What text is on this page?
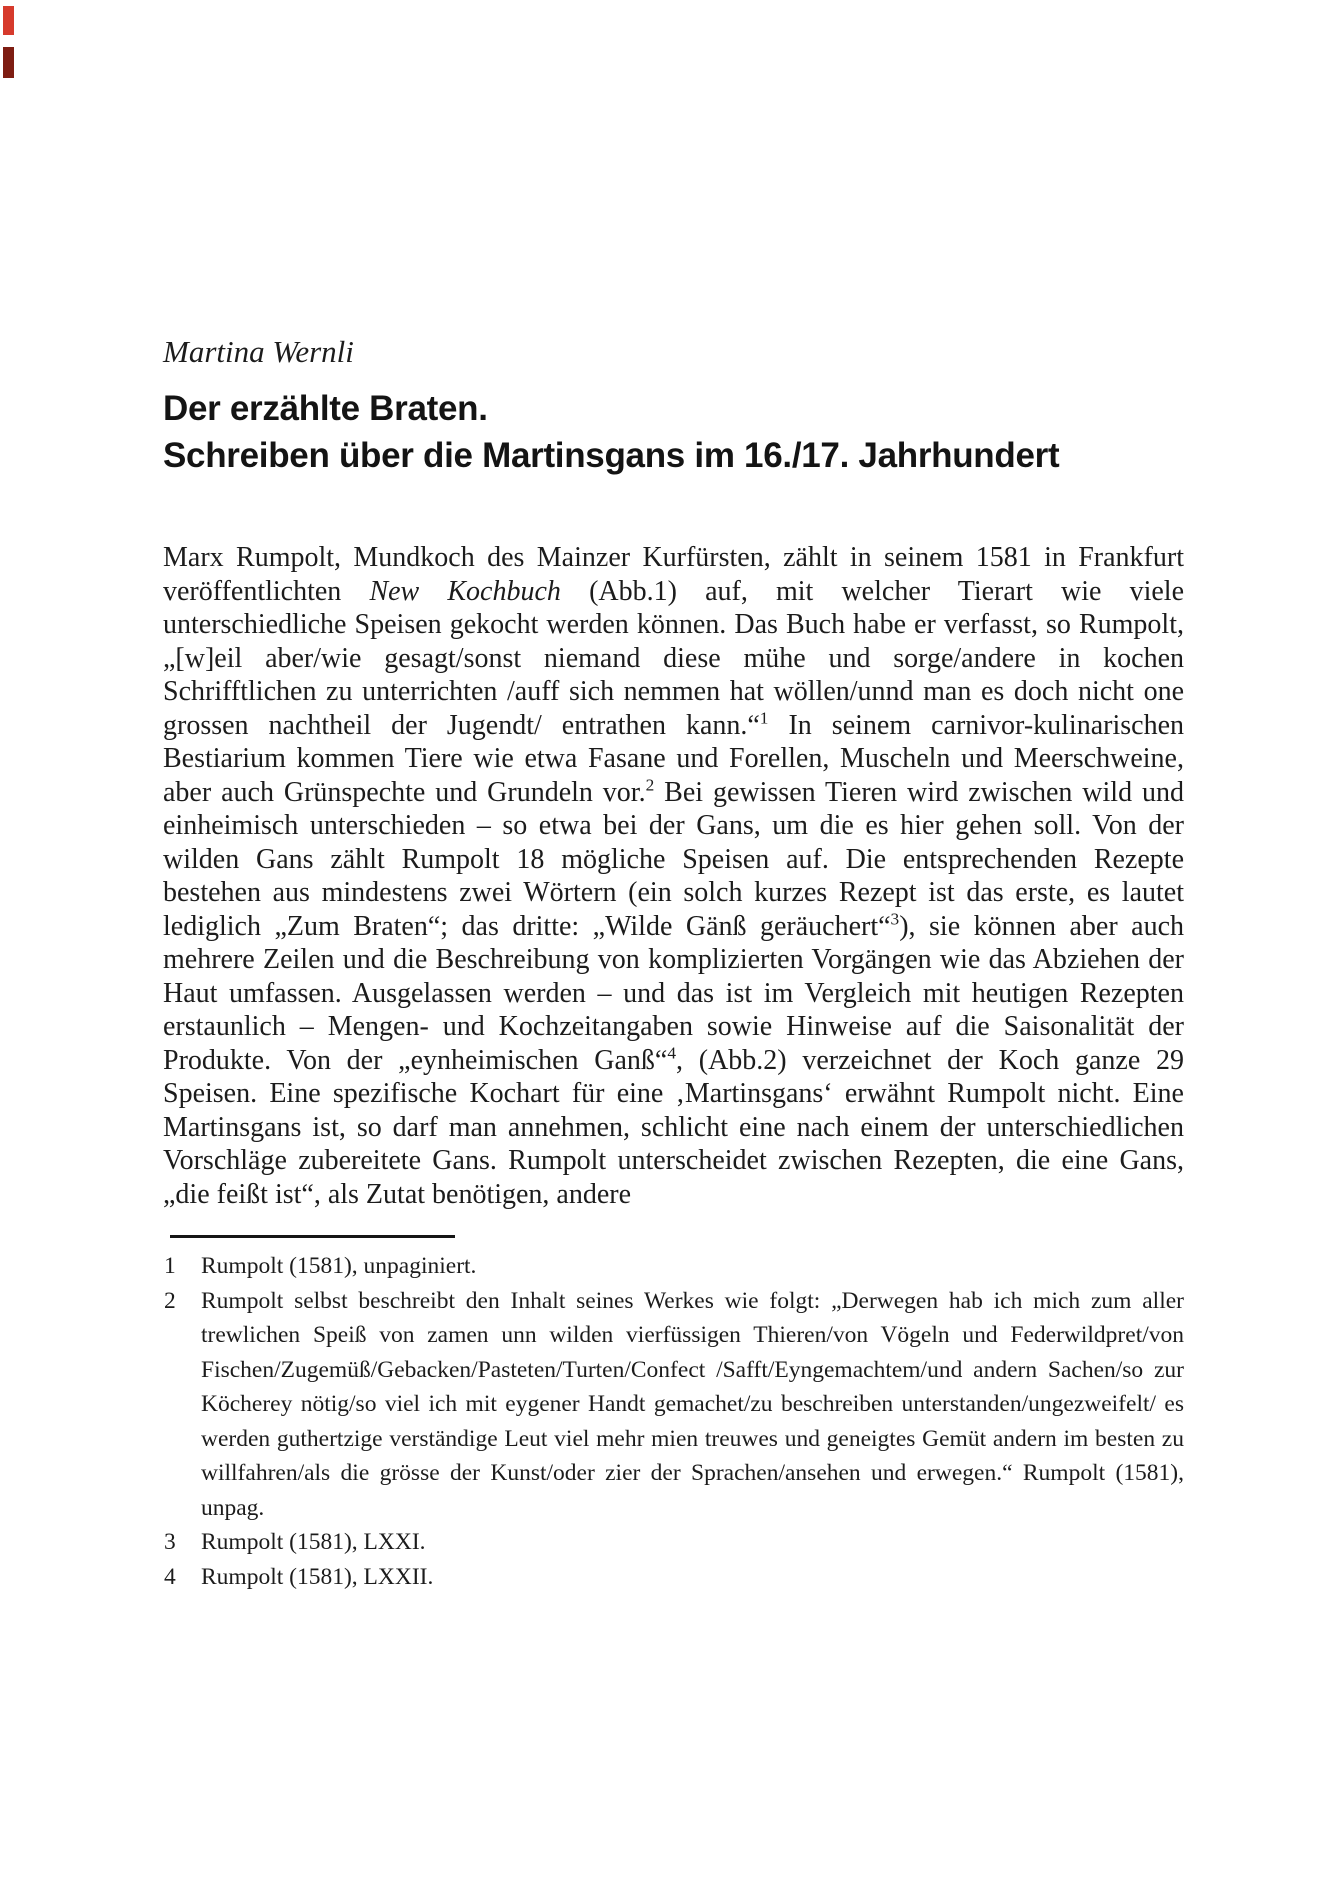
Martina Wernli

Der erzählte Braten.
Schreiben über die Martinsgans im 16./17. Jahrhundert

Marx Rumpolt, Mundkoch des Mainzer Kurfürsten, zählt in seinem 1581 in Frankfurt veröffentlichten New Kochbuch (Abb.1) auf, mit welcher Tierart wie viele unterschiedliche Speisen gekocht werden können. Das Buch habe er verfasst, so Rumpolt, „[w]eil aber/wie gesagt/sonst niemand diese mühe und sorge/andere in kochen Schrifftlichen zu unterrichten /auff sich nemmen hat wöllen/unnd man es doch nicht one grossen nachtheil der Jugendt/ entrathen kann.“$^1$ In seinem carnivor-kulinarischen Bestiarium kommen Tiere wie etwa Fasane und Forellen, Muscheln und Meerschweine, aber auch Grünspechte und Grundeln vor.$^2$ Bei gewissen Tieren wird zwischen wild und einheimisch unterschieden – so etwa bei der Gans, um die es hier gehen soll. Von der wilden Gans zählt Rumpolt 18 mögliche Speisen auf. Die entsprechenden Rezepte bestehen aus mindestens zwei Wörtern (ein solch kurzes Rezept ist das erste, es lautet lediglich „Zum Braten“; das dritte: „Wilde Gänß geräuchert“$^3$), sie können aber auch mehrere Zeilen und die Beschreibung von komplizierten Vorgängen wie das Abziehen der Haut umfassen. Ausgelassen werden – und das ist im Vergleich mit heutigen Rezepten erstaunlich – Mengen- und Kochzeitangaben sowie Hinweise auf die Saisonalität der Produkte. Von der „eynheimischen Ganß“$^4$, (Abb.2) verzeichnet der Koch ganze 29 Speisen. Eine spezifische Kochart für eine ‚Martinsgans‘ erwähnt Rumpolt nicht. Eine Martinsgans ist, so darf man annehmen, schlicht eine nach einem der unterschiedlichen Vorschläge zubereitete Gans. Rumpolt unterscheidet zwischen Rezepten, die eine Gans, „die feißt ist“, als Zutat benötigen, andere

1 Rumpolt (1581), unpaginiert.
2 Rumpolt selbst beschreibt den Inhalt seines Werkes wie folgt: „Derwegen hab ich mich zum aller trewlichen Speiß von zamen unn wilden vierfüssigen Thieren/von Vögeln und Federwildpret/von Fischen/Zugemüß/Gebacken/Pasteten/Turten/Confect /Safft/Eyngemachtem/und andern Sachen/so zur Köcherey nötig/so viel ich mit eygener Handt gemachet/zu beschreiben unterstanden/ungezweifelt/ es werden guthertzige verständige Leut viel mehr mien treuwes und geneigtes Gemüt andern im besten zu willfahren/als die grösse der Kunst/oder zier der Sprachen/ansehen und erwegen.“ Rumpolt (1581), unpag.
3 Rumpolt (1581), LXXI.
4 Rumpolt (1581), LXXII.
